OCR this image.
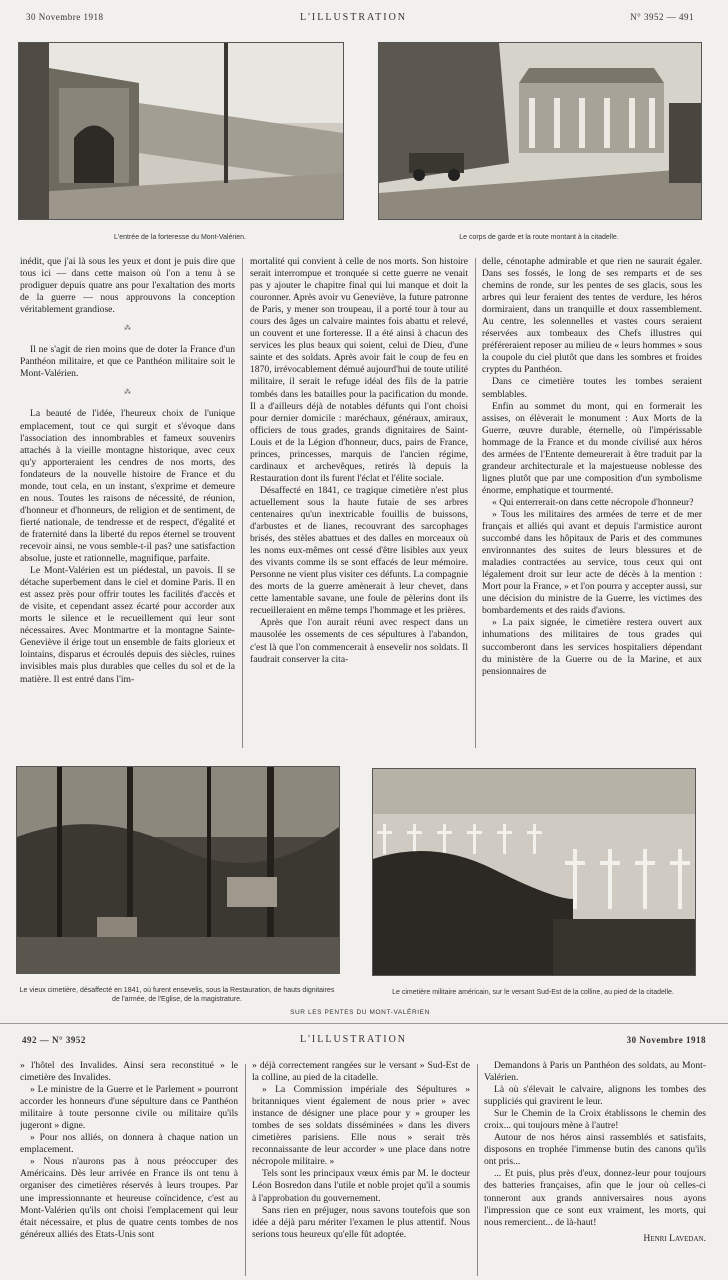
30 Novembre 1918	L'ILLUSTRATION	N° 3952 — 491
L'entrée de la forteresse du Mont-Valérien.	Le corps de garde et la route montant à la citadelle.

inédit, que j'ai là sous les yeux et dont je puis dire que tous ici — dans cette maison où l'on a tenu à se prodiguer depuis quatre ans pour l'exaltation des morts de la guerre — nous approuvons la conception véritablement grandiose.

⁂

Il ne s'agit de rien moins que de doter la France d'un Panthéon militaire, et que ce Panthéon militaire soit le Mont-Valérien.

⁂

La beauté de l'idée, l'heureux choix de l'unique emplacement, tout ce qui surgit et s'évoque dans l'association des innombrables et fameux souvenirs attachés à la vieille montagne historique, avec ceux qu'y apporteraient les cendres de nos morts, des fondateurs de la nouvelle histoire de France et du monde, tout cela, en un instant, s'exprime et demeure en nous. Toutes les raisons de nécessité, de réunion, d'honneur et d'honneurs, de religion et de sentiment, de fierté nationale, de tendresse et de respect, d'égalité et de fraternité dans la liberté du repos éternel se trouvent recevoir ainsi, ne vous semble-t-il pas? une satisfaction absolue, juste et rationnelle, magnifique, parfaite.

Le Mont-Valérien est un piédestal, un pavois. Il se détache superbement dans le ciel et domine Paris. Il en est assez près pour offrir toutes les facilités d'accès et de visite, et cependant assez écarté pour accorder aux morts le silence et le recueillement qui leur sont nécessaires. Avec Montmartre et la montagne Sainte-Geneviève il érige tout un ensemble de faits glorieux et lointains, disparus et écroulés depuis des siècles, ruines invisibles mais plus durables que celles du sol et de la matière. Il est entré dans l'im-

mortalité qui convient à celle de nos morts. Son histoire serait interrompue et tronquée si cette guerre ne venait pas y ajouter le chapitre final qui lui manque et doit la couronner. Après avoir vu Geneviève, la future patronne de Paris, y mener son troupeau, il a porté tour à tour au cours des âges un calvaire maintes fois abattu et relevé, un couvent et une forteresse. Il a été ainsi à chacun des services les plus beaux qui soient, celui de Dieu, d'une sainte et des soldats. Après avoir fait le coup de feu en 1870, irrévocablement démué aujourd'hui de toute utilité militaire, il serait le refuge idéal des fils de la patrie tombés dans les batailles pour la pacification du monde. Il a d'ailleurs déjà de notables défunts qui l'ont choisi pour dernier domicile : maréchaux, généraux, amiraux, officiers de tous grades, grands dignitaires de Saint-Louis et de la Légion d'honneur, ducs, pairs de France, princes, princesses, marquis de l'ancien régime, cardinaux et archevêques, retirés là depuis la Restauration dont ils furent l'éclat et l'élite sociale.

Désaffecté en 1841, ce tragique cimetière n'est plus actuellement sous la haute futaie de ses arbres centenaires qu'un inextricable fouillis de buissons, d'arbustes et de lianes, recouvrant des sarcophages brisés, des stèles abattues et des dalles en morceaux où les noms eux-mêmes ont cessé d'être lisibles aux yeux des vivants comme ils se sont effacés de leur mémoire. Personne ne vient plus visiter ces défunts. La compagnie des morts de la guerre amènerait à leur chevet, dans cette lamentable savane, une foule de pèlerins dont ils recueilleraient en même temps l'hommage et les prières.

Après que l'on aurait réuni avec respect dans un mausolée les ossements de ces sépultures à l'abandon, c'est là que l'on commencerait à ensevelir nos soldats. Il faudrait conserver la cita-

delle, cénotaphe admirable et que rien ne saurait égaler. Dans ses fossés, le long de ses remparts et de ses chemins de ronde, sur les pentes de ses glacis, sous les arbres qui leur feraient des tentes de verdure, les héros dormiraient, dans un tranquille et doux rassemblement. Au centre, les solennelles et vastes cours seraient réservées aux tombeaux des Chefs illustres qui préféreraient reposer au milieu de « leurs hommes » sous la coupole du ciel plutôt que dans les sombres et froides cryptes du Panthéon.

Dans ce cimetière toutes les tombes seraient semblables.

Enfin au sommet du mont, qui en formerait les assises, on élèverait le monument : Aux Morts de la Guerre, œuvre durable, éternelle, où l'impérissable hommage de la France et du monde civilisé aux héros des armées de l'Entente demeurerait à être traduit par la grandeur architecturale et la majestueuse noblesse des lignes plutôt que par une composition d'un symbolisme énorme, emphatique et tourmenté.

« Qui enterrerait-on dans cette nécropole d'honneur?

» Tous les militaires des armées de terre et de mer français et alliés qui avant et depuis l'armistice auront succombé dans les hôpitaux de Paris et des communes environnantes des suites de leurs blessures et de maladies contractées au service, tous ceux qui ont légalement droit sur leur acte de décès à la mention : Mort pour la France, » et l'on pourra y accepter aussi, sur une décision du ministre de la Guerre, les victimes des bombardements et des raids d'avions.

» La paix signée, le cimetière restera ouvert aux inhumations des militaires de tous grades qui succomberont dans les services hospitaliers dépendant du ministère de la Guerre ou de la Marine, et aux pensionnaires de

Le vieux cimetière, désaffecté en 1841, où furent ensevelis, sous la Restauration, de hauts dignitaires de l'armée, de l'Eglise, de la magistrature.
Le cimetière militaire américain, sur le versant Sud-Est de la colline, au pied de la citadelle.
SUR LES PENTES DU MONT-VALÉRIEN
492 — N° 3952	L'ILLUSTRATION	30 Novembre 1918

» l'hôtel des Invalides. Ainsi sera reconstitué » le cimetière des Invalides.

» Le ministre de la Guerre et le Parlement » pourront accorder les honneurs d'une sépulture dans ce Panthéon militaire à toute personne civile ou militaire qu'ils jugeront » digne.

» Pour nos alliés, on donnera à chaque nation un emplacement.

» Nous n'aurons pas à nous préoccuper des Américains. Dès leur arrivée en France ils ont tenu à organiser des cimetières réservés à leurs troupes. Par une impressionnante et heureuse coïncidence, c'est au Mont-Valérien qu'ils ont choisi l'emplacement qui leur était nécessaire, et plus de quatre cents tombes de nos généreux alliés des Etats-Unis sont

» déjà correctement rangées sur le versant » Sud-Est de la colline, au pied de la citadelle.

» La Commission impériale des Sépultures » britanniques vient également de nous prier » avec instance de désigner une place pour y » grouper les tombes de ses soldats disséminées » dans les divers cimetières parisiens. Elle nous » serait très reconnaissante de leur accorder » une place dans notre nécropole militaire. »

Tels sont les principaux vœux émis par M. le docteur Léon Bosredon dans l'utile et noble projet qu'il a soumis à l'approbation du gouvernement.

Sans rien en préjuger, nous savons toutefois que son idée a déjà paru mériter l'examen le plus attentif. Nous serions tous heureux qu'elle fût adoptée.

Demandons à Paris un Panthéon des soldats, au Mont-Valérien.

Là où s'élevait le calvaire, alignons les tombes des suppliciés qui gravirent le leur.

Sur le Chemin de la Croix établissons le chemin des croix... qui toujours mène à l'autre!

Autour de nos héros ainsi rassemblés et satisfaits, disposons en trophée l'immense butin des canons qu'ils ont pris...

... Et puis, plus près d'eux, donnez-leur pour toujours des batteries françaises, afin que le jour où celles-ci tonneront aux grands anniversaires nous ayons l'impression que ce sont eux vraiment, les morts, qui nous remercient... de là-haut!

Henri Lavedan.
